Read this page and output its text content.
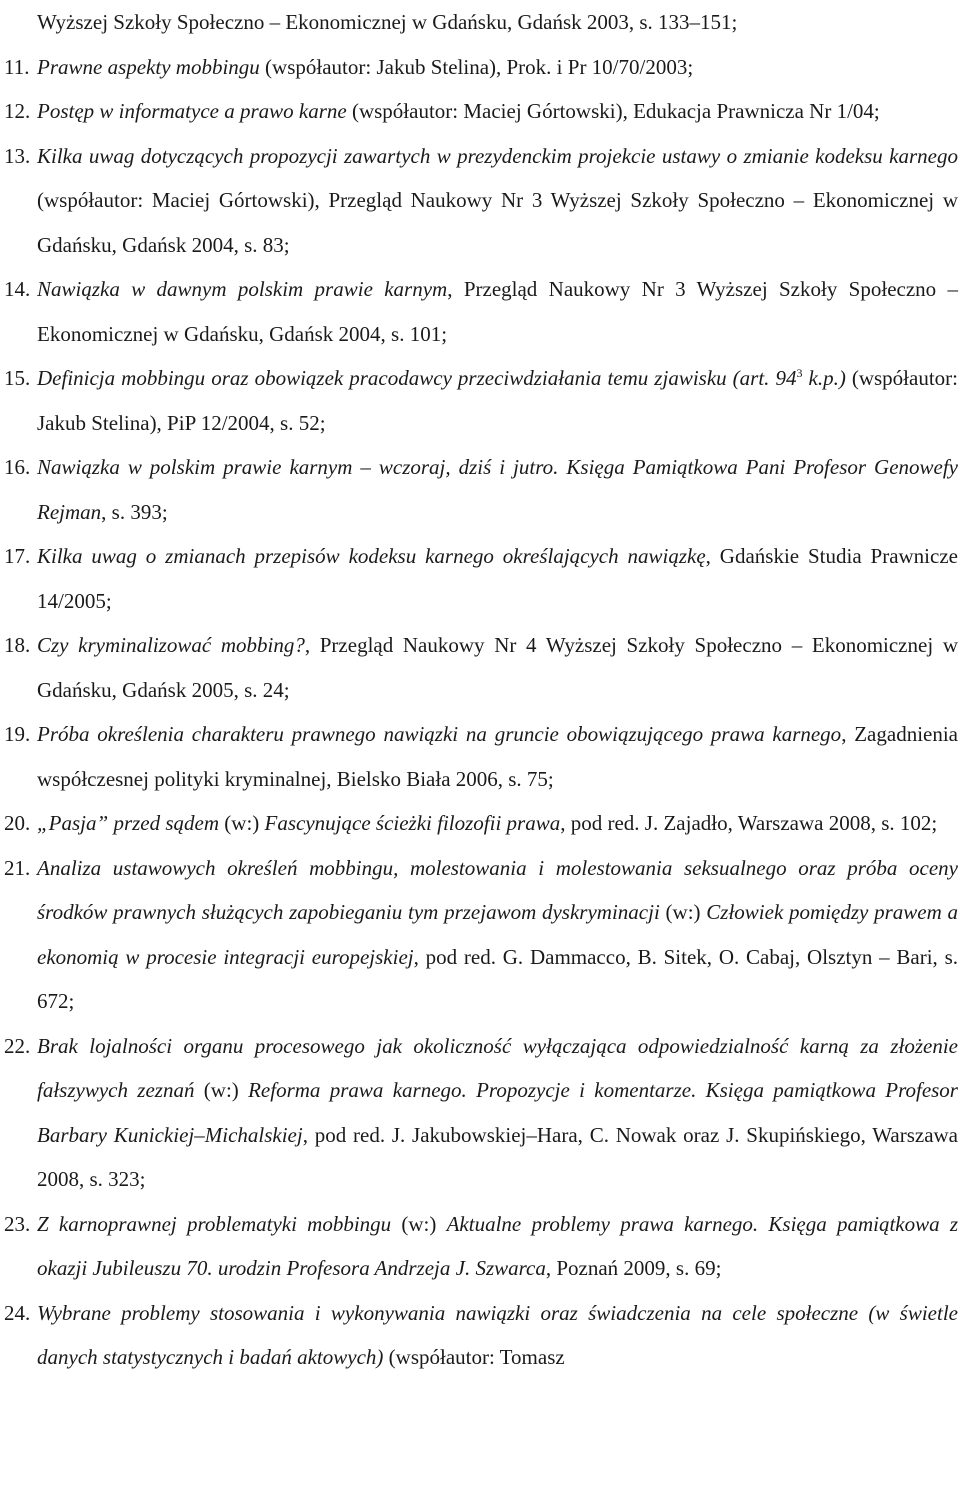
Wyższej Szkoły Społeczno – Ekonomicznej w Gdańsku, Gdańsk 2003, s. 133–151;
11. Prawne aspekty mobbingu (współautor: Jakub Stelina), Prok. i Pr 10/70/2003;

12. Postęp w informatyce a prawo karne (współautor: Maciej Górtowski), Edukacja Prawnicza Nr 1/04;

13. Kilka uwag dotyczących propozycji zawartych w prezydenckim projekcie ustawy o zmianie kodeksu karnego (współautor: Maciej Górtowski), Przegląd Naukowy Nr 3 Wyższej Szkoły Społeczno – Ekonomicznej w Gdańsku, Gdańsk 2004, s. 83;

14. Nawiązka w dawnym polskim prawie karnym, Przegląd Naukowy Nr 3 Wyższej Szkoły Społeczno – Ekonomicznej w Gdańsku, Gdańsk 2004, s. 101;

15. Definicja mobbingu oraz obowiązek pracodawcy przeciwdziałania temu zjawisku (art. $94^3$ k.p.) (współautor: Jakub Stelina), PiP 12/2004, s. 52;

16. Nawiązka w polskim prawie karnym – wczoraj, dziś i jutro. Księga Pamiątkowa Pani Profesor Genowefy Rejman, s. 393;

17. Kilka uwag o zmianach przepisów kodeksu karnego określających nawiązkę, Gdańskie Studia Prawnicze 14/2005;

18. Czy kryminalizować mobbing?, Przegląd Naukowy Nr 4 Wyższej Szkoły Społeczno – Ekonomicznej w Gdańsku, Gdańsk 2005, s. 24;

19. Próba określenia charakteru prawnego nawiązki na gruncie obowiązującego prawa karnego, Zagadnienia współczesnej polityki kryminalnej, Bielsko Biała 2006, s. 75;

20. „Pasja” przed sądem (w:) Fascynujące ścieżki filozofii prawa, pod red. J. Zajadło, Warszawa 2008, s. 102;

21. Analiza ustawowych określeń mobbingu, molestowania i molestowania seksualnego oraz próba oceny środków prawnych służących zapobieganiu tym przejawom dyskryminacji (w:) Człowiek pomiędzy prawem a ekonomią w procesie integracji europejskiej, pod red. G. Dammacco, B. Sitek, O. Cabaj, Olsztyn – Bari, s. 672;

22. Brak lojalności organu procesowego jak okoliczność wyłączająca odpowiedzialność karną za złożenie fałszywych zeznań (w:) Reforma prawa karnego. Propozycje i komentarze. Księga pamiątkowa Profesor Barbary Kunickiej–Michalskiej, pod red. J. Jakubowskiej–Hara, C. Nowak oraz J. Skupińskiego, Warszawa 2008, s. 323;

23. Z karnoprawnej problematyki mobbingu (w:) Aktualne problemy prawa karnego. Księga pamiątkowa z okazji Jubileuszu 70. urodzin Profesora Andrzeja J. Szwarca, Poznań 2009, s. 69;

24. Wybrane problemy stosowania i wykonywania nawiązki oraz świadczenia na cele społeczne (w świetle danych statystycznych i badań aktowych) (współautor: Tomasz
